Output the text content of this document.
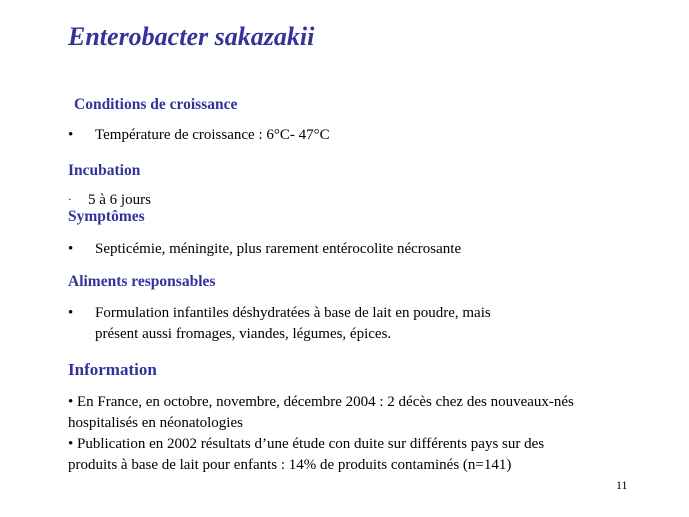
Enterobacter sakazakii
Conditions de croissance
• Température de croissance : 6°C- 47°C
Incubation
· 5 à 6 jours
Symptômes
• Septicémie, méningite, plus rarement entérocolite nécrosante
Aliments responsables
• Formulation infantiles déshydratées à base de lait en poudre, mais
présent aussi fromages, viandes, légumes, épices.
Information
• En France, en octobre, novembre, décembre 2004 : 2 décès chez des nouveaux-nés
hospitalisés en néonatologies
• Publication en 2002 résultats d’une étude con duite sur différents pays sur des
produits à base de lait pour enfants : 14% de produits contaminés (n=141)
11
